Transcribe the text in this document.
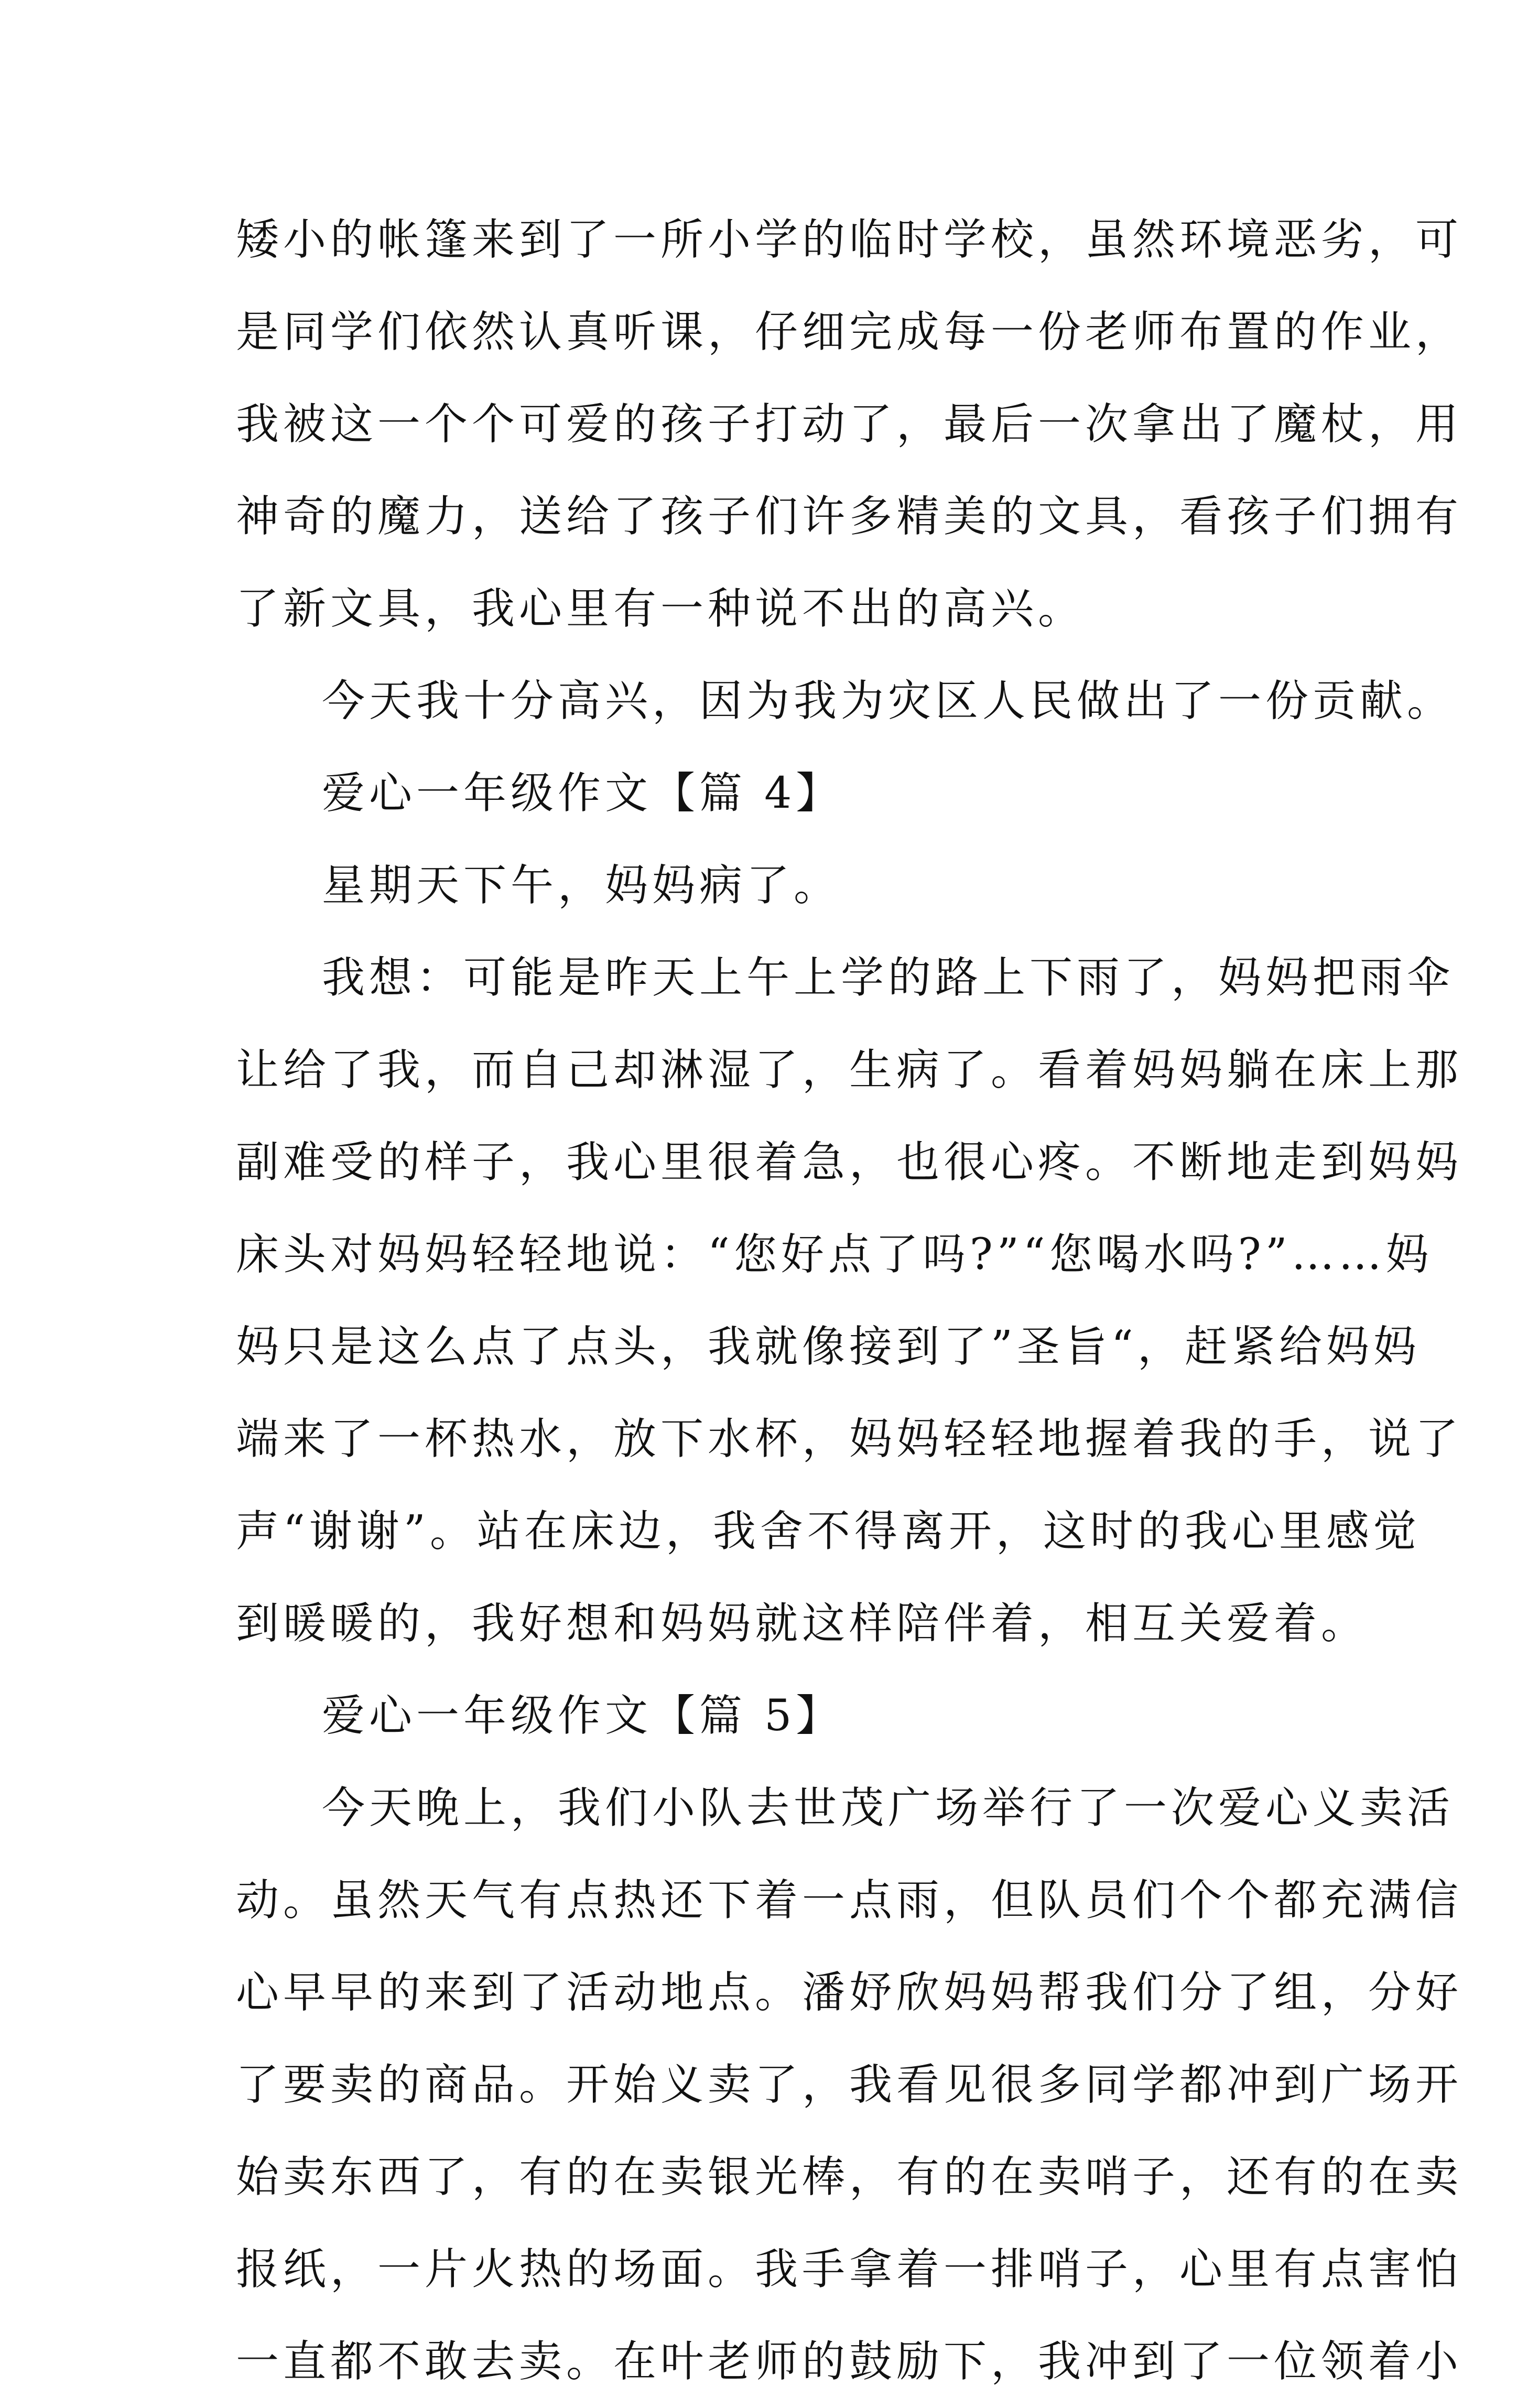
矮小的帐篷来到了一所小学的临时学校，虽然环境恶劣，可
是同学们依然认真听课，仔细完成每一份老师布置的作业，
我被这一个个可爱的孩子打动了，最后一次拿出了魔杖，用
神奇的魔力，送给了孩子们许多精美的文具，看孩子们拥有
了新文具，我心里有一种说不出的高兴。
今天我十分高兴，因为我为灾区人民做出了一份贡献。
爱心一年级作文【篇 4】
星期天下午，妈妈病了。
我想：可能是昨天上午上学的路上下雨了，妈妈把雨伞
让给了我，而自己却淋湿了，生病了。看着妈妈躺在床上那
副难受的样子，我心里很着急，也很心疼。不断地走到妈妈
床头对妈妈轻轻地说：“您好点了吗?”“您喝水吗?”……妈
妈只是这么点了点头，我就像接到了”圣旨“，赶紧给妈妈
端来了一杯热水，放下水杯，妈妈轻轻地握着我的手，说了
声“谢谢”。站在床边，我舍不得离开，这时的我心里感觉
到暖暖的，我好想和妈妈就这样陪伴着，相互关爱着。
爱心一年级作文【篇 5】
今天晚上，我们小队去世茂广场举行了一次爱心义卖活
动。虽然天气有点热还下着一点雨，但队员们个个都充满信
心早早的来到了活动地点。潘妤欣妈妈帮我们分了组，分好
了要卖的商品。开始义卖了，我看见很多同学都冲到广场开
始卖东西了，有的在卖银光棒，有的在卖哨子，还有的在卖
报纸，一片火热的场面。我手拿着一排哨子，心里有点害怕
一直都不敢去卖。在叶老师的鼓励下，我冲到了一位领着小
